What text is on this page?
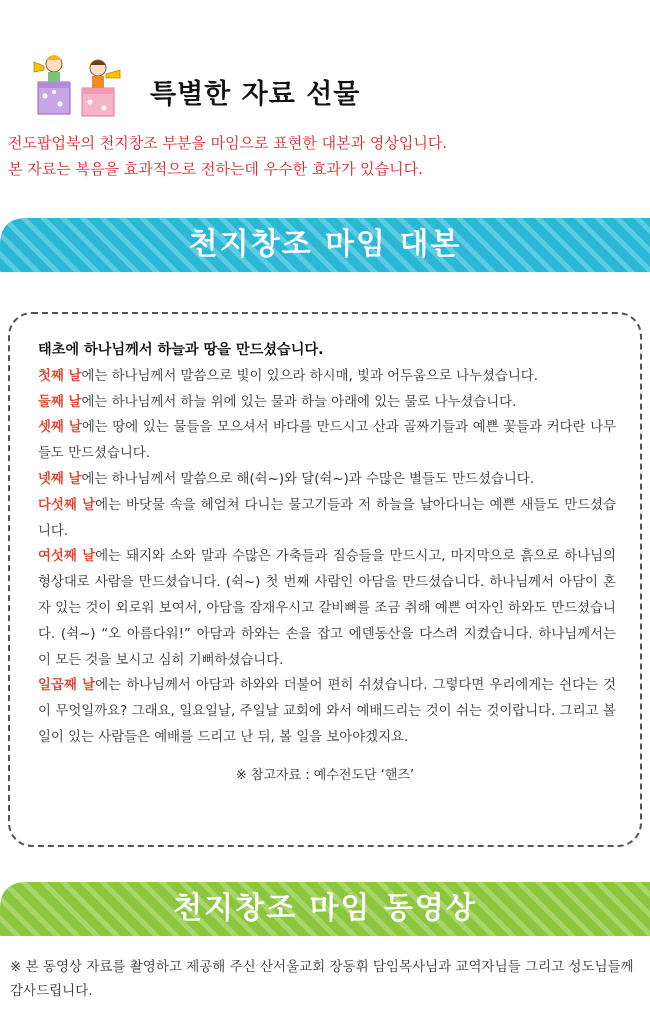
특별한 자료 선물
전도팝업북의 천지창조 부분을 마임으로 표현한 대본과 영상입니다.
본 자료는 복음을 효과적으로 전하는데 우수한 효과가 있습니다.
천지창조 마임 대본

태초에 하나님께서 하늘과 땅을 만드셨습니다.

첫째 날에는 하나님께서 말씀으로 빛이 있으라 하시매, 빛과 어두움으로 나누셨습니다.

둘째 날에는 하나님께서 하늘 위에 있는 물과 하늘 아래에 있는 물로 나누셨습니다.

셋째 날에는 땅에 있는 물들을 모으셔서 바다를 만드시고 산과 골짜기들과 예쁜 꽃들과 커다란 나무들도 만드셨습니다.

넷째 날에는 하나님께서 말씀으로 해(쉭~)와 달(쉭~)과 수많은 별들도 만드셨습니다.

다섯째 날에는 바닷물 속을 헤엄쳐 다니는 물고기들과 저 하늘을 날아다니는 예쁜 새들도 만드셨습니다.

여섯째 날에는 돼지와 소와 말과 수많은 가축들과 짐승들을 만드시고, 마지막으로 흙으로 하나님의 형상대로 사람을 만드셨습니다. (쉭~) 첫 번째 사람인 아담을 만드셨습니다. 하나님께서 아담이 혼자 있는 것이 외로워 보여서, 아담을 잠재우시고 갈비뼈를 조금 취해 예쁜 여자인 하와도 만드셨습니다. (쉭~) “오 아름다워!” 아담과 하와는 손을 잡고 에덴동산을 다스려 지켰습니다. 하나님께서는 이 모든 것을 보시고 심히 기뻐하셨습니다.

일곱째 날에는 하나님께서 아담과 하와와 더불어 편히 쉬셨습니다. 그렇다면 우리에게는 쉰다는 것이 무엇일까요? 그래요, 일요일날, 주일날 교회에 와서 예배드리는 것이 쉬는 것이랍니다. 그리고 볼 일이 있는 사람들은 예배를 드리고 난 뒤, 볼 일을 보아야겠지요.

※ 참고자료 : 예수전도단 ‘핸즈’

천지창조 마임 동영상

※ 본 동영상 자료를 촬영하고 제공해 주신 산서울교회 장동휘 담임목사님과 교역자님들 그리고 성도님들께 감사드립니다.
